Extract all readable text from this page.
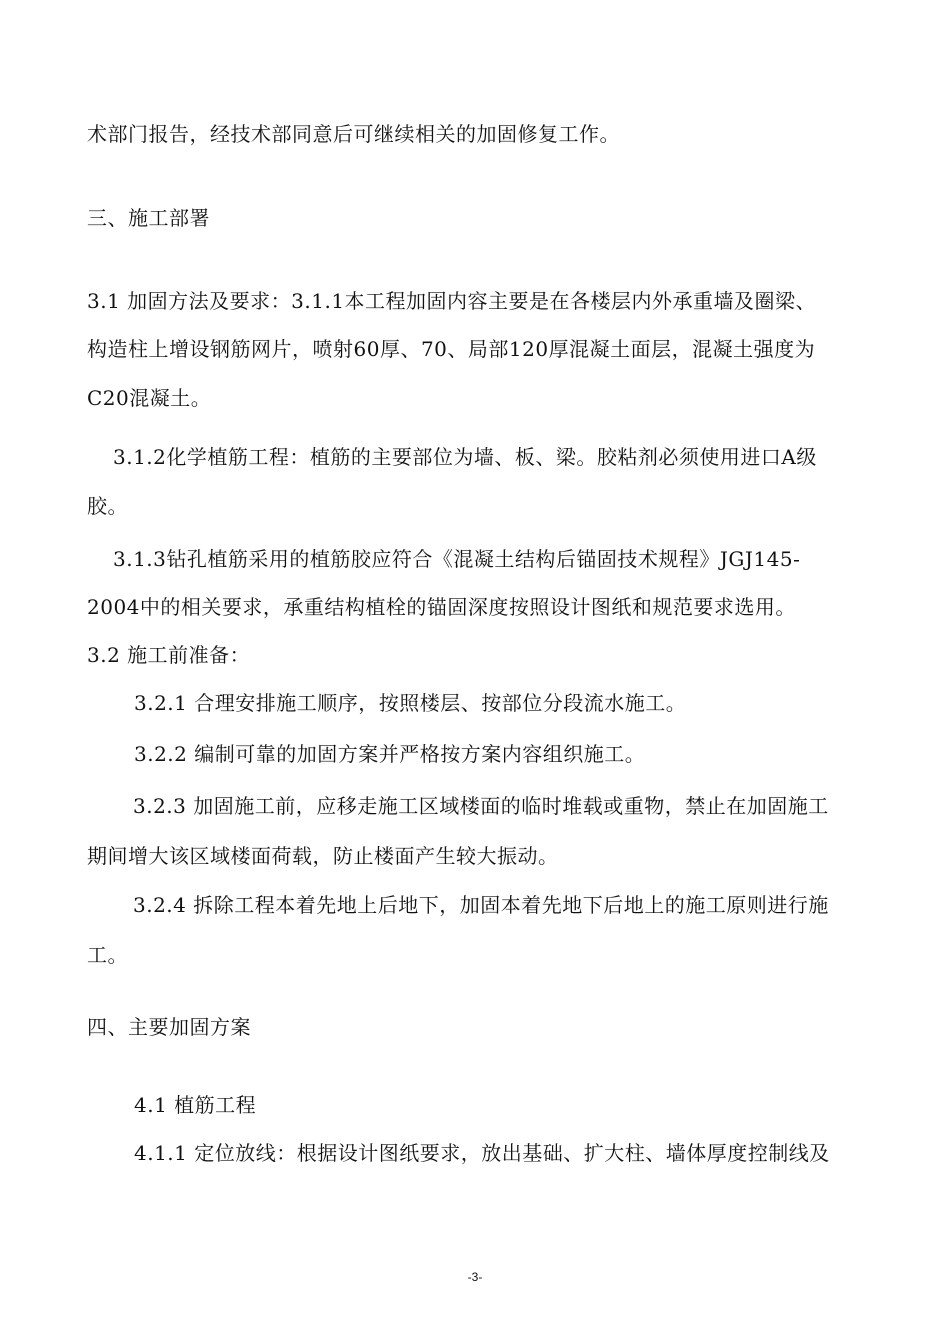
术部门报告，经技术部同意后可继续相关的加固修复工作。
三、施工部署
3.1 加固方法及要求：3.1.1本工程加固内容主要是在各楼层内外承重墙及圈梁、
构造柱上增设钢筋网片，喷射60厚、70、局部120厚混凝土面层，混凝土强度为
C20混凝土。
3.1.2化学植筋工程：植筋的主要部位为墙、板、梁。胶粘剂必须使用进口A级
胶。
3.1.3钻孔植筋采用的植筋胶应符合《混凝土结构后锚固技术规程》JGJ145-
2004中的相关要求，承重结构植栓的锚固深度按照设计图纸和规范要求选用。
3.2 施工前准备：
3.2.1 合理安排施工顺序，按照楼层、按部位分段流水施工。
3.2.2 编制可靠的加固方案并严格按方案内容组织施工。
3.2.3 加固施工前，应移走施工区域楼面的临时堆载或重物，禁止在加固施工
期间增大该区域楼面荷载，防止楼面产生较大振动。
3.2.4 拆除工程本着先地上后地下，加固本着先地下后地上的施工原则进行施
工。
四、主要加固方案
4.1 植筋工程
4.1.1 定位放线：根据设计图纸要求，放出基础、扩大柱、墙体厚度控制线及
-3-
